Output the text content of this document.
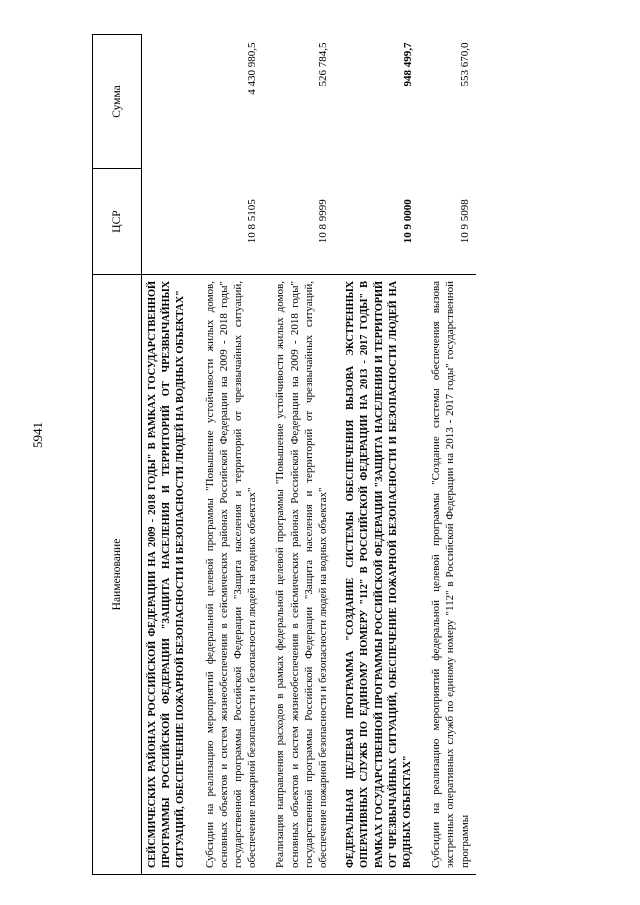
5941
Наименование	ЦСР	Сумма
СЕЙСМИЧЕСКИХ РАЙОНАХ РОССИЙСКОЙ ФЕДЕРАЦИИ НА 2009 - 2018 ГОДЫ" В РАМКАХ ГОСУДАРСТВЕННОЙ ПРОГРАММЫ РОССИЙСКОЙ ФЕДЕРАЦИИ "ЗАЩИТА НАСЕЛЕНИЯ И ТЕРРИТОРИЙ ОТ ЧРЕЗВЫЧАЙНЫХ СИТУАЦИЙ, ОБЕСПЕЧЕНИЕ ПОЖАРНОЙ БЕЗОПАСНОСТИ И БЕЗОПАСНОСТИ ЛЮДЕЙ НА ВОДНЫХ ОБЪЕКТАХ"		
Субсидии на реализацию мероприятий федеральной целевой программы "Повышение устойчивости жилых домов, основных объектов и систем жизнеобеспечения в сейсмических районах Российской Федерации на 2009 - 2018 годы" государственной программы Российской Федерации "Защита населения и территорий от чрезвычайных ситуаций, обеспечение пожарной безопасности и безопасности людей на водных объектах"	10 8 5105	4 430 980,5
Реализация направления расходов в рамках федеральной целевой программы "Повышение устойчивости жилых домов, основных объектов и систем жизнеобеспечения в сейсмических районах Российской Федерации на 2009 - 2018 годы" государственной программы Российской Федерации "Защита населения и территорий от чрезвычайных ситуаций, обеспечение пожарной безопасности и безопасности людей на водных объектах"	10 8 9999	526 784,5
ФЕДЕРАЛЬНАЯ ЦЕЛЕВАЯ ПРОГРАММА "СОЗДАНИЕ СИСТЕМЫ ОБЕСПЕЧЕНИЯ ВЫЗОВА ЭКСТРЕННЫХ ОПЕРАТИВНЫХ СЛУЖБ ПО ЕДИНОМУ НОМЕРУ "112" В РОССИЙСКОЙ ФЕДЕРАЦИИ НА 2013 - 2017 ГОДЫ" В РАМКАХ ГОСУДАРСТВЕННОЙ ПРОГРАММЫ РОССИЙСКОЙ ФЕДЕРАЦИИ "ЗАЩИТА НАСЕЛЕНИЯ И ТЕРРИТОРИЙ ОТ ЧРЕЗВЫЧАЙНЫХ СИТУАЦИЙ, ОБЕСПЕЧЕНИЕ ПОЖАРНОЙ БЕЗОПАСНОСТИ И БЕЗОПАСНОСТИ ЛЮДЕЙ НА ВОДНЫХ ОБЪЕКТАХ"	10 9 0000	948 499,7
Субсидии на реализацию мероприятий федеральной целевой программы "Создание системы обеспечения вызова экстренных оперативных служб по единому номеру "112" в Российской Федерации на 2013 - 2017 годы" государственной программы	10 9 5098	553 670,0
